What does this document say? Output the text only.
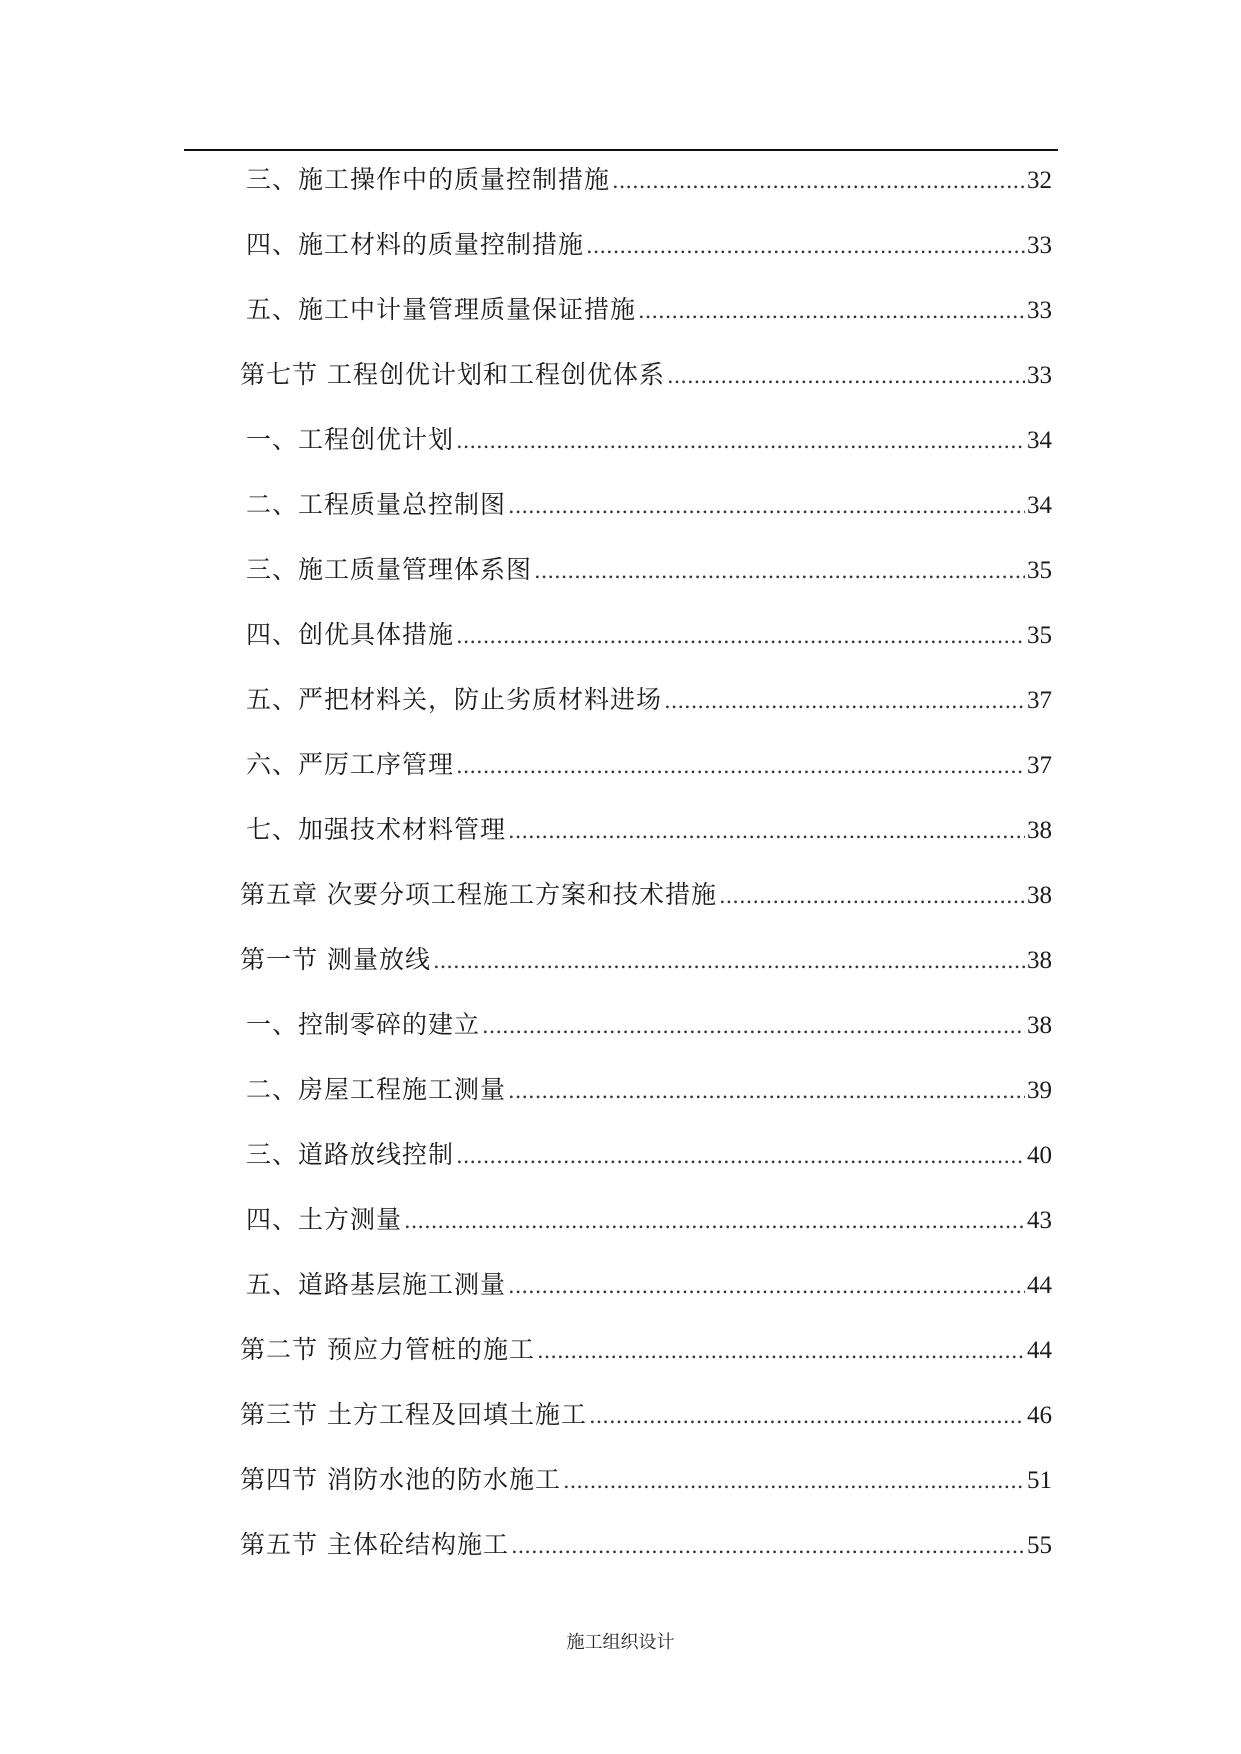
三、施工操作中的质量控制措施 .....	32
四、施工材料的质量控制措施 .....	33
五、施工中计量管理质量保证措施 .....	33
第七节 工程创优计划和工程创优体系 .....	33
一、工程创优计划 .....	34
二、工程质量总控制图 .....	34
三、施工质量管理体系图 .....	35
四、创优具体措施 .....	35
五、严把材料关，防止劣质材料进场 .....	37
六、严厉工序管理 .....	37
七、加强技术材料管理 .....	38
第五章 次要分项工程施工方案和技术措施 .....	38
第一节 测量放线 .....	38
一、控制零碎的建立 .....	38
二、房屋工程施工测量 .....	39
三、道路放线控制 .....	40
四、土方测量 .....	43
五、道路基层施工测量 .....	44
第二节 预应力管桩的施工 .....	44
第三节 土方工程及回填土施工 .....	46
第四节 消防水池的防水施工 .....	51
第五节 主体砼结构施工 .....	55
施工组织设计
